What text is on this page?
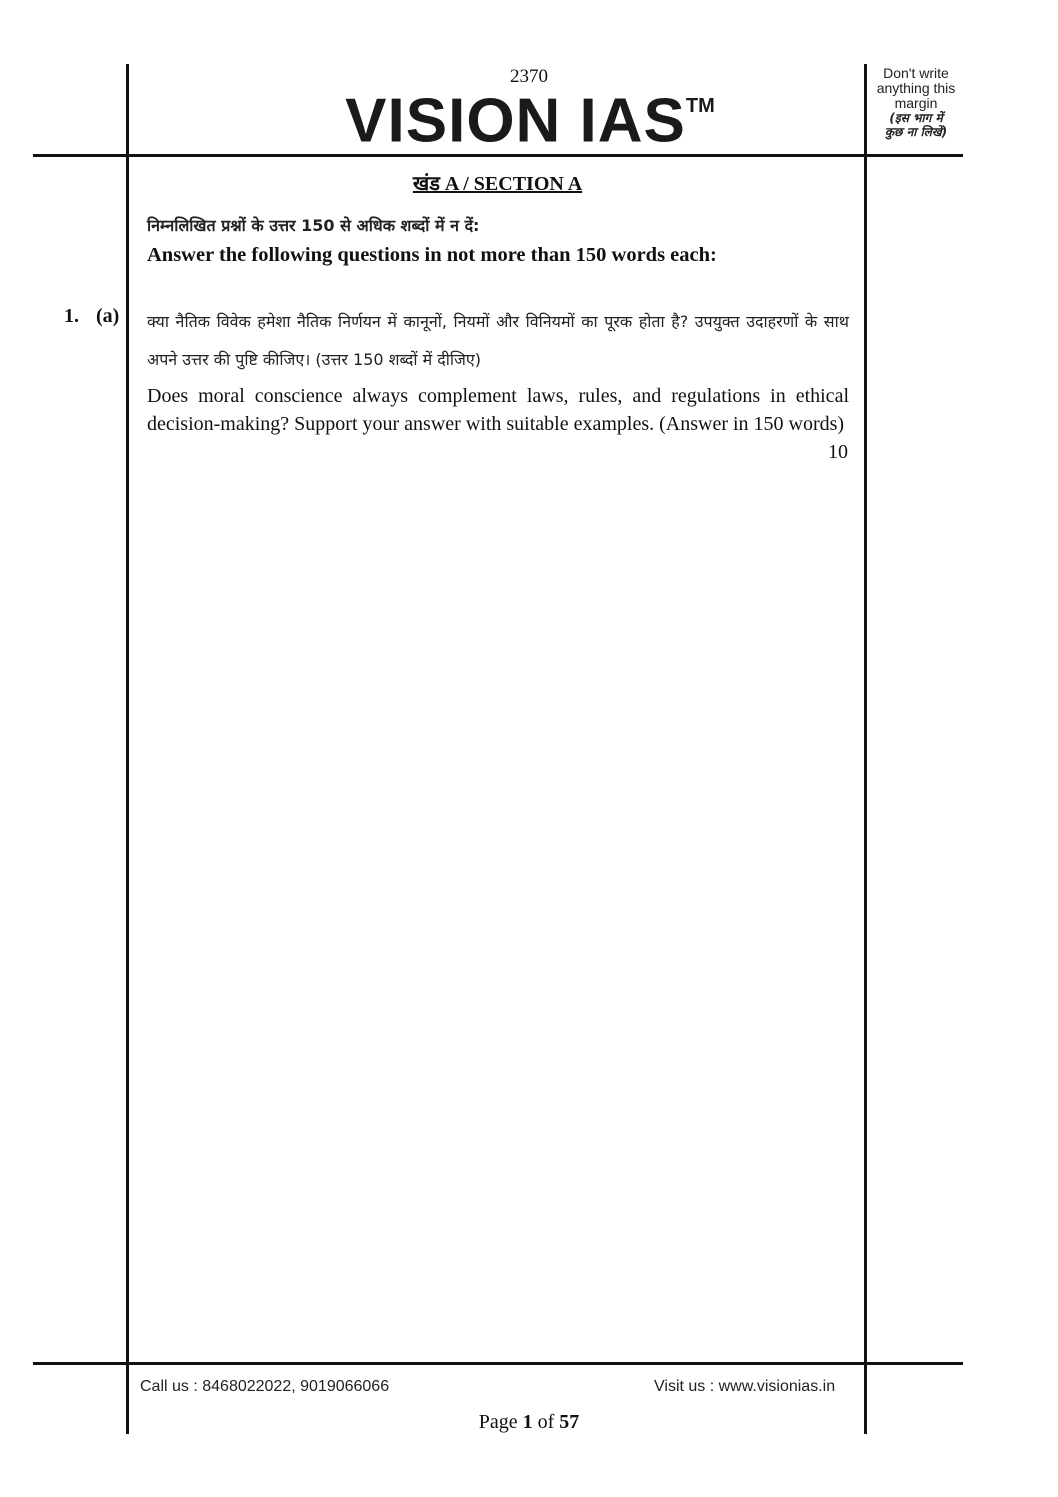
2370
VISION IAS™
Don't write
anything this
margin
(इस भाग में
कुछ ना लिखें)
खंड A / SECTION A
निम्नलिखित प्रश्नों के उत्तर 150 से अधिक शब्दों में न दें:
Answer the following questions in not more than 150 words each:
1. (a) क्या नैतिक विवेक हमेशा नैतिक निर्णयन में कानूनों, नियमों और विनियमों का पूरक होता है? उपयुक्त उदाहरणों के साथ अपने उत्तर की पुष्टि कीजिए। (उत्तर 150 शब्दों में दीजिए)
Does moral conscience always complement laws, rules, and regulations in ethical decision-making? Support your answer with suitable examples. (Answer in 150 words)
10
Call us : 8468022022, 9019066066	Visit us : www.visionias.in
Page 1 of 57
